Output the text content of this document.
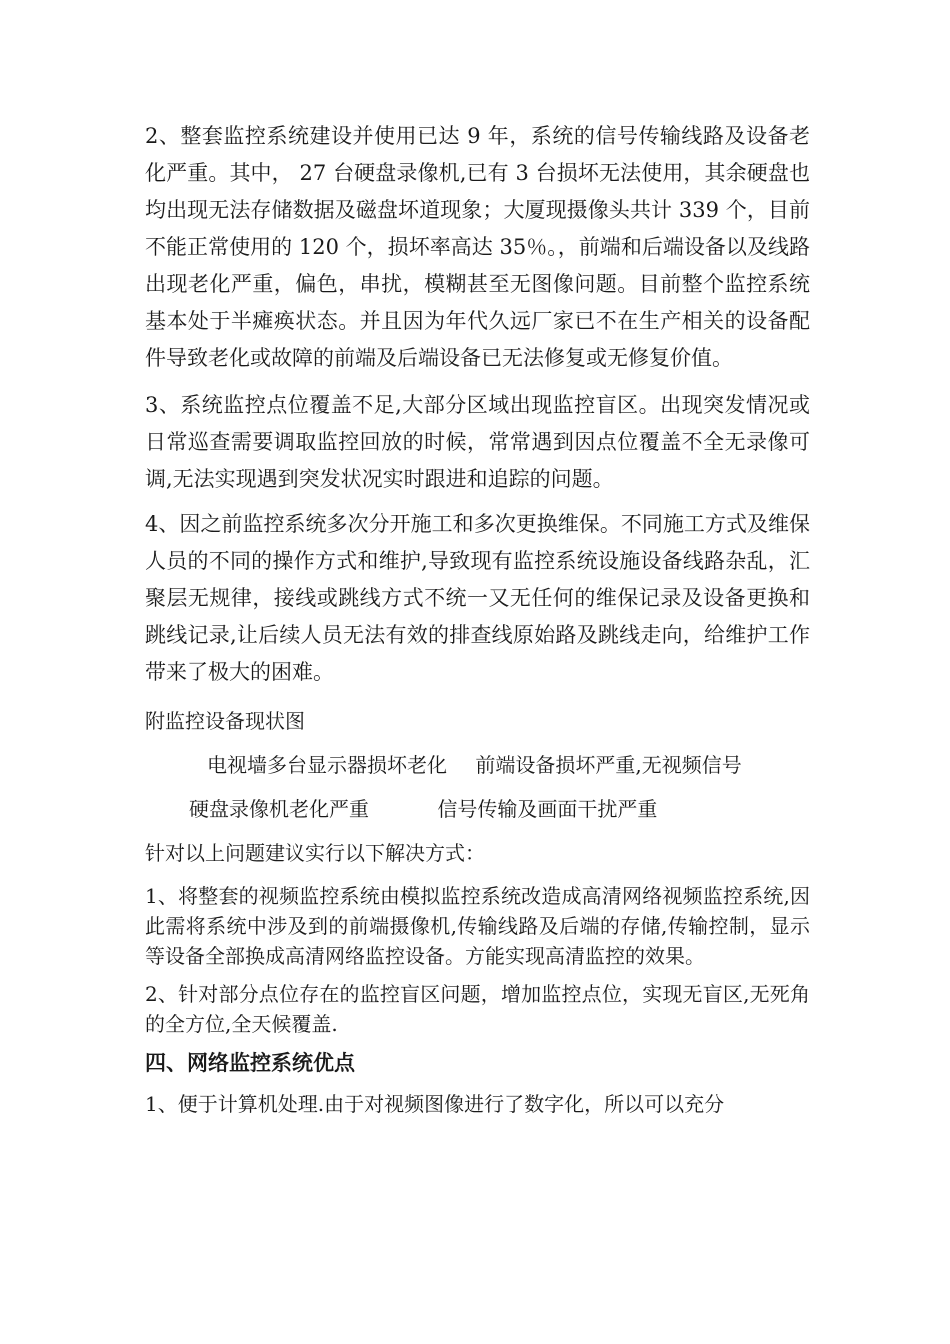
2、整套监控系统建设并使用已达 9 年，系统的信号传输线路及设备老化严重。其中， 27 台硬盘录像机,已有 3 台损坏无法使用，其余硬盘也均出现无法存储数据及磁盘坏道现象；大厦现摄像头共计 339 个，目前不能正常使用的 120 个，损坏率高达 35％。，前端和后端设备以及线路出现老化严重，偏色，串扰，模糊甚至无图像问题。目前整个监控系统基本处于半瘫痪状态。并且因为年代久远厂家已不在生产相关的设备配件导致老化或故障的前端及后端设备已无法修复或无修复价值。

3、系统监控点位覆盖不足,大部分区域出现监控盲区。出现突发情况或日常巡查需要调取监控回放的时候，常常遇到因点位覆盖不全无录像可调,无法实现遇到突发状况实时跟进和追踪的问题。

4、因之前监控系统多次分开施工和多次更换维保。不同施工方式及维保人员的不同的操作方式和维护,导致现有监控系统设施设备线路杂乱，汇聚层无规律，接线或跳线方式不统一又无任何的维保记录及设备更换和跳线记录,让后续人员无法有效的排查线原始路及跳线走向，给维护工作带来了极大的困难。

附监控设备现状图

电视墙多台显示器损坏老化 前端设备损坏严重,无视频信号

硬盘录像机老化严重	信号传输及画面干扰严重

针对以上问题建议实行以下解决方式：

1、将整套的视频监控系统由模拟监控系统改造成高清网络视频监控系统,因此需将系统中涉及到的前端摄像机,传输线路及后端的存储,传输控制，显示等设备全部换成高清网络监控设备。方能实现高清监控的效果。

2、针对部分点位存在的监控盲区问题，增加监控点位，实现无盲区,无死角的全方位,全天候覆盖.

四、网络监控系统优点

1、便于计算机处理.由于对视频图像进行了数字化，所以可以充分
